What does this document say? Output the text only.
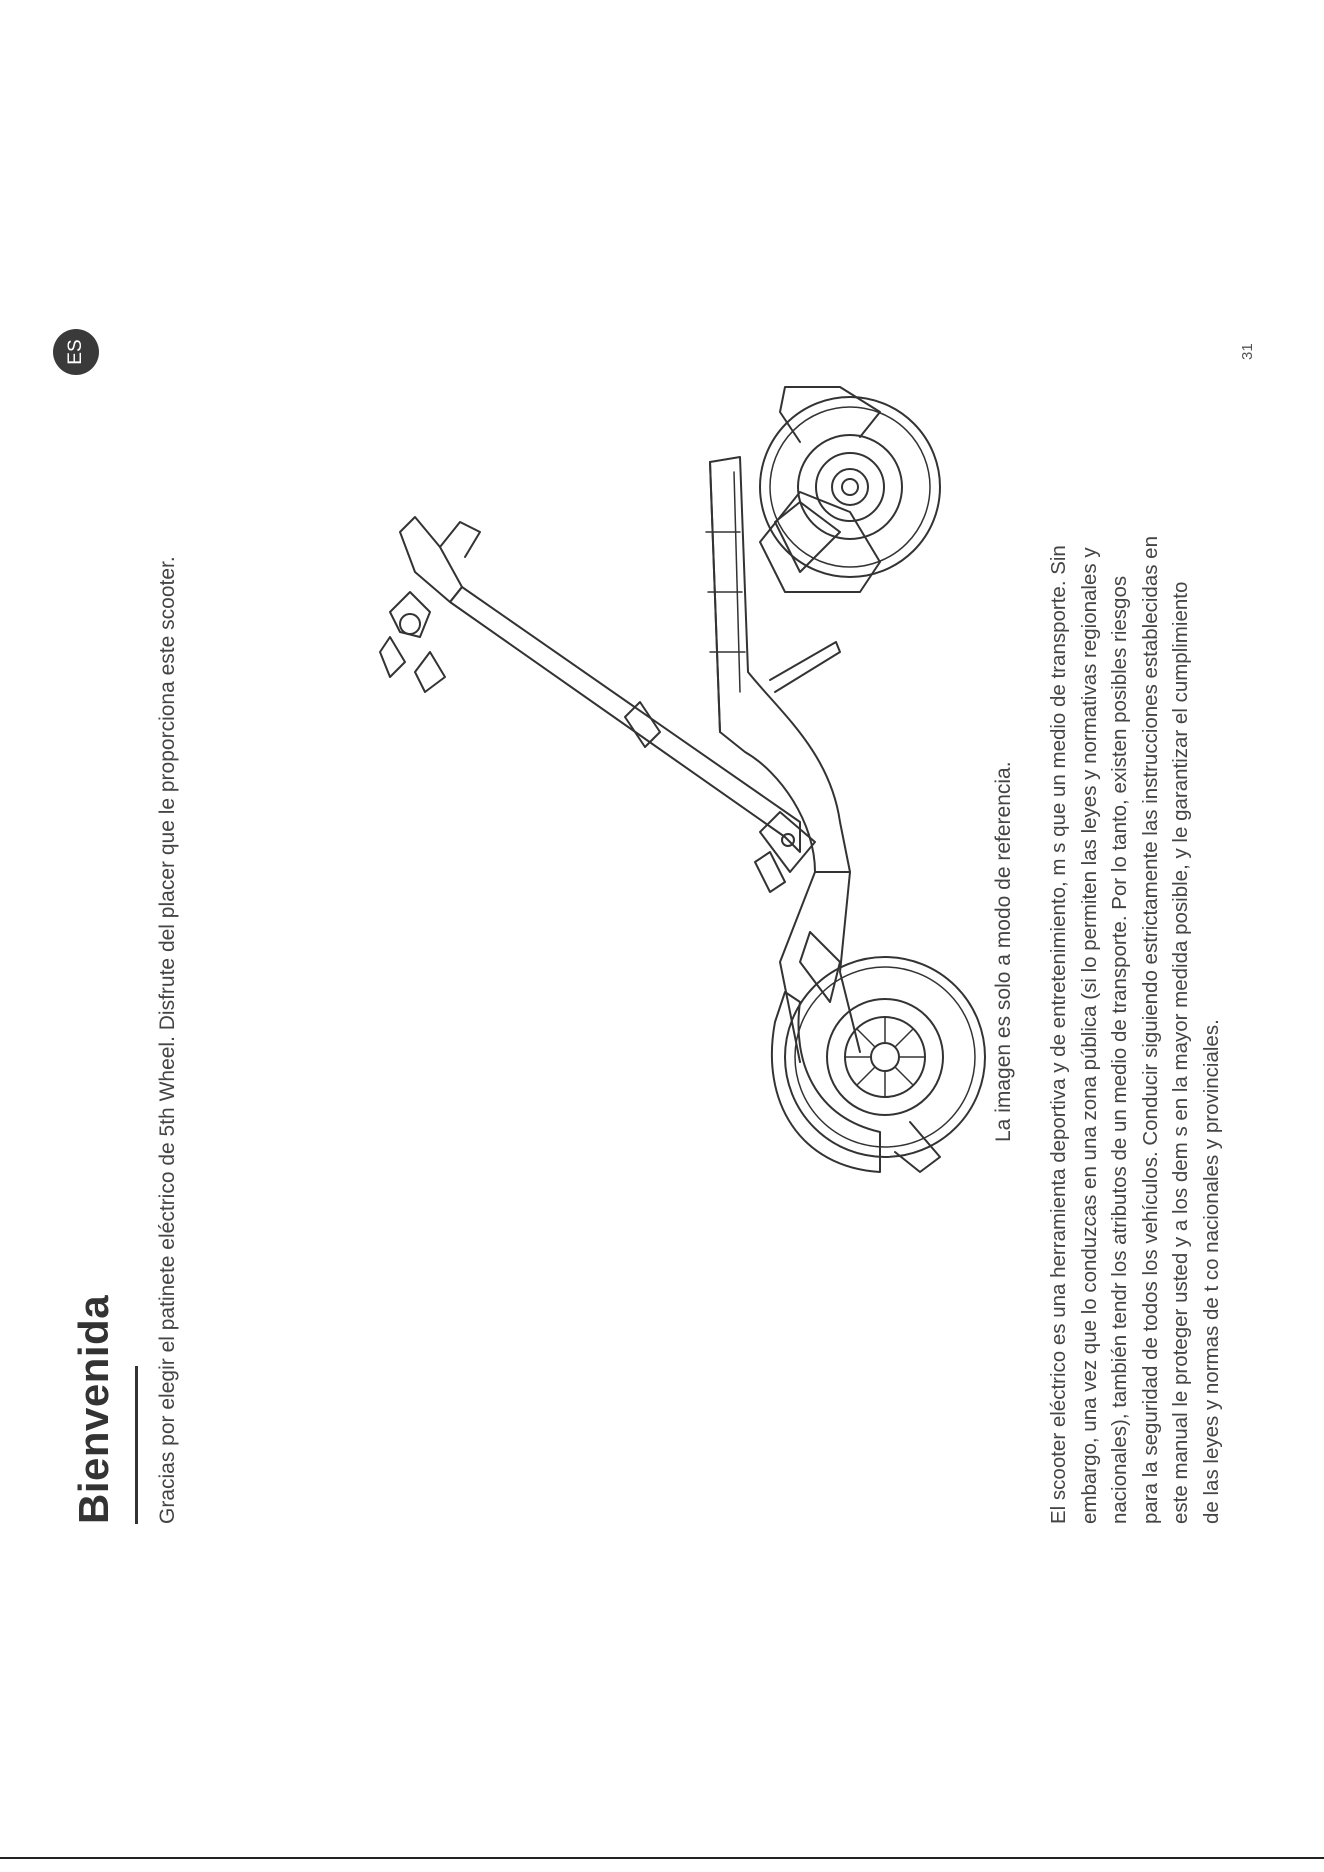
Bienvenida Gracias por elegir el patinete eléctrico de 5th Wheel. Disfrute del placer que le proporciona este scooter.
ES	31
La imagen es solo a modo de referencia. El scooter eléctrico es una herramienta deportiva y de entretenimiento, m s que un medio de transporte. Sin embargo, una vez que lo conduzcas en una zona pública (si lo permiten las leyes y normativas regionales y nacionales), también tendr los atributos de un medio de transporte. Por lo tanto, existen posibles riesgos para la seguridad de todos los vehículos. Conducir siguiendo estrictamente las instrucciones establecidas en este manual le proteger usted y a los dem s en la mayor medida posible, y le garantizar el cumplimiento de las leyes y normas de t co nacionales y provinciales.
